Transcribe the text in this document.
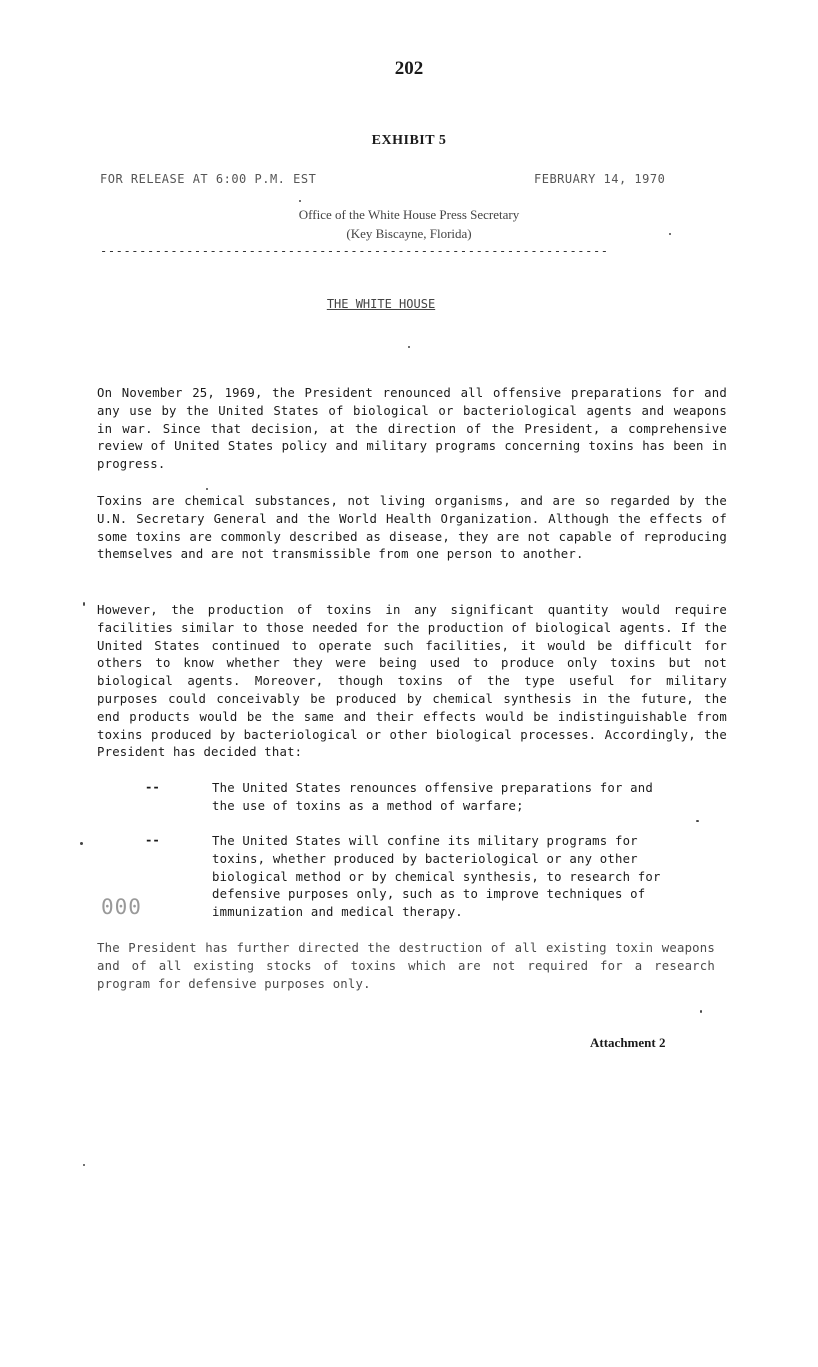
202
EXHIBIT 5
FOR RELEASE AT 6:00 P.M. EST	FEBRUARY 14, 1970
Office of the White House Press Secretary
(Key Biscayne, Florida)
-----------------------------------------------------------------
THE WHITE HOUSE
On November 25, 1969, the President renounced all offensive preparations for and any use by the United States of biological or bacteriological agents and weapons in war. Since that decision, at the direction of the President, a comprehensive review of United States policy and military programs concerning toxins has been in progress.
Toxins are chemical substances, not living organisms, and are so regarded by the U.N. Secretary General and the World Health Organization. Although the effects of some toxins are commonly described as disease, they are not capable of reproducing themselves and are not transmissible from one person to another.
However, the production of toxins in any significant quantity would require facilities similar to those needed for the production of biological agents. If the United States continued to operate such facilities, it would be difficult for others to know whether they were being used to produce only toxins but not biological agents. Moreover, though toxins of the type useful for military purposes could conceivably be produced by chemical synthesis in the future, the end products would be the same and their effects would be indistinguishable from toxins produced by bacteriological or other biological processes. Accordingly, the President has decided that:
--	The United States renounces offensive preparations for and the use of toxins as a method of warfare;
--	The United States will confine its military programs for toxins, whether produced by bacteriological or any other biological method or by chemical synthesis, to research for defensive purposes only, such as to improve techniques of immunization and medical therapy.
000
The President has further directed the destruction of all existing toxin weapons and of all existing stocks of toxins which are not required for a research program for defensive purposes only.
Attachment 2
